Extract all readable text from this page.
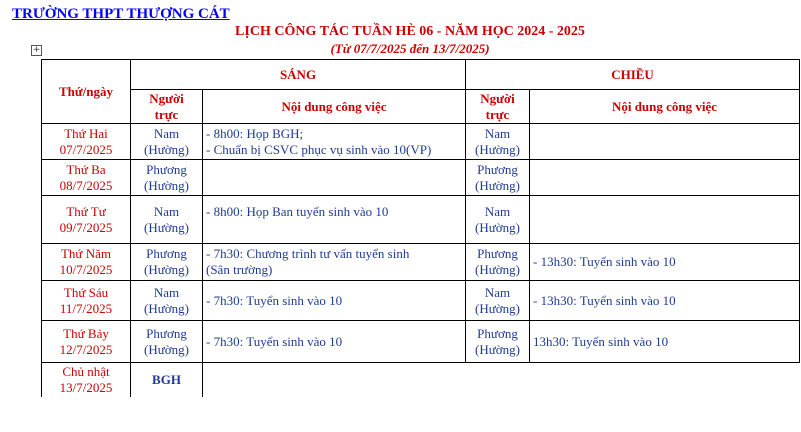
TRƯỜNG THPT THƯỢNG CÁT
LỊCH CÔNG TÁC TUẦN HÈ 06 - NĂM HỌC 2024 - 2025
(Từ 07/7/2025 đến 13/7/2025)
+
Thứ/ngày	SÁNG		CHIỀU	

	Người
trực	Nội dung công việc	Người
trực	Nội dung công việc

Thứ Hai
07/7/2025	Nam
(Hường)	- 8h00: Họp BGH;
- Chuẩn bị CSVC phục vụ sinh vào 10(VP)	Nam
(Hường)	

Thứ Ba
08/7/2025	Phương
(Hường)		Phương
(Hường)	

Thứ Tư
09/7/2025	Nam
(Hường)	- 8h00: Họp Ban tuyển sinh vào 10	Nam
(Hường)	

Thứ Năm
10/7/2025	Phương
(Hường)	- 7h30: Chương trình tư vấn tuyển sinh
(Sân trường)	Phương
(Hường)	- 13h30: Tuyển sinh vào 10

Thứ Sáu
11/7/2025	Nam
(Hường)	- 7h30: Tuyển sinh vào 10	Nam
(Hường)	- 13h30: Tuyển sinh vào 10

Thứ Bảy
12/7/2025	Phương
(Hường)	- 7h30: Tuyển sinh vào 10	Phương
(Hường)	13h30: Tuyển sinh vào 10

Chủ nhật
13/7/2025	BGH			
